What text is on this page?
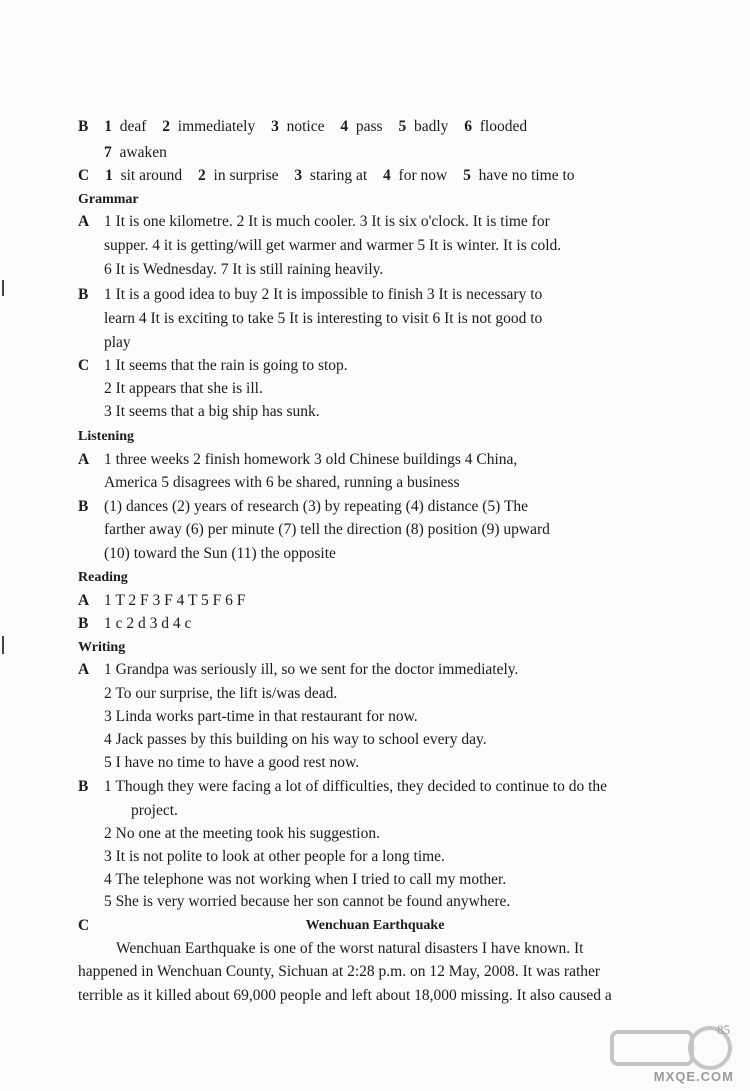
B 1 deaf 2 immediately 3 notice 4 pass 5 badly 6 flooded
7 awaken
C 1 sit around 2 in surprise 3 staring at 4 for now 5 have no time to
Grammar
A 1 It is one kilometre. 2 It is much cooler. 3 It is six o'clock. It is time for
supper. 4 it is getting/will get warmer and warmer 5 It is winter. It is cold.
6 It is Wednesday. 7 It is still raining heavily.
B 1 It is a good idea to buy 2 It is impossible to finish 3 It is necessary to
learn 4 It is exciting to take 5 It is interesting to visit 6 It is not good to
play
C 1 It seems that the rain is going to stop.
2 It appears that she is ill.
3 It seems that a big ship has sunk.
Listening
A 1 three weeks 2 finish homework 3 old Chinese buildings 4 China,
America 5 disagrees with 6 be shared, running a business
B (1) dances (2) years of research (3) by repeating (4) distance (5) The
farther away (6) per minute (7) tell the direction (8) position (9) upward
(10) toward the Sun (11) the opposite
Reading
A 1 T 2 F 3 F 4 T 5 F 6 F
B 1 c 2 d 3 d 4 c
Writing
A 1 Grandpa was seriously ill, so we sent for the doctor immediately.
2 To our surprise, the lift is/was dead.
3 Linda works part-time in that restaurant for now.
4 Jack passes by this building on his way to school every day.
5 I have no time to have a good rest now.
B 1 Though they were facing a lot of difficulties, they decided to continue to do the
project.
2 No one at the meeting took his suggestion.
3 It is not polite to look at other people for a long time.
4 The telephone was not working when I tried to call my mother.
5 She is very worried because her son cannot be found anywhere.
C	Wenchuan Earthquake
Wenchuan Earthquake is one of the worst natural disasters I have known. It
happened in Wenchuan County, Sichuan at 2:28 p.m. on 12 May, 2008. It was rather
terrible as it killed about 69,000 people and left about 18,000 missing. It also caused a
85
MXQE.COM
